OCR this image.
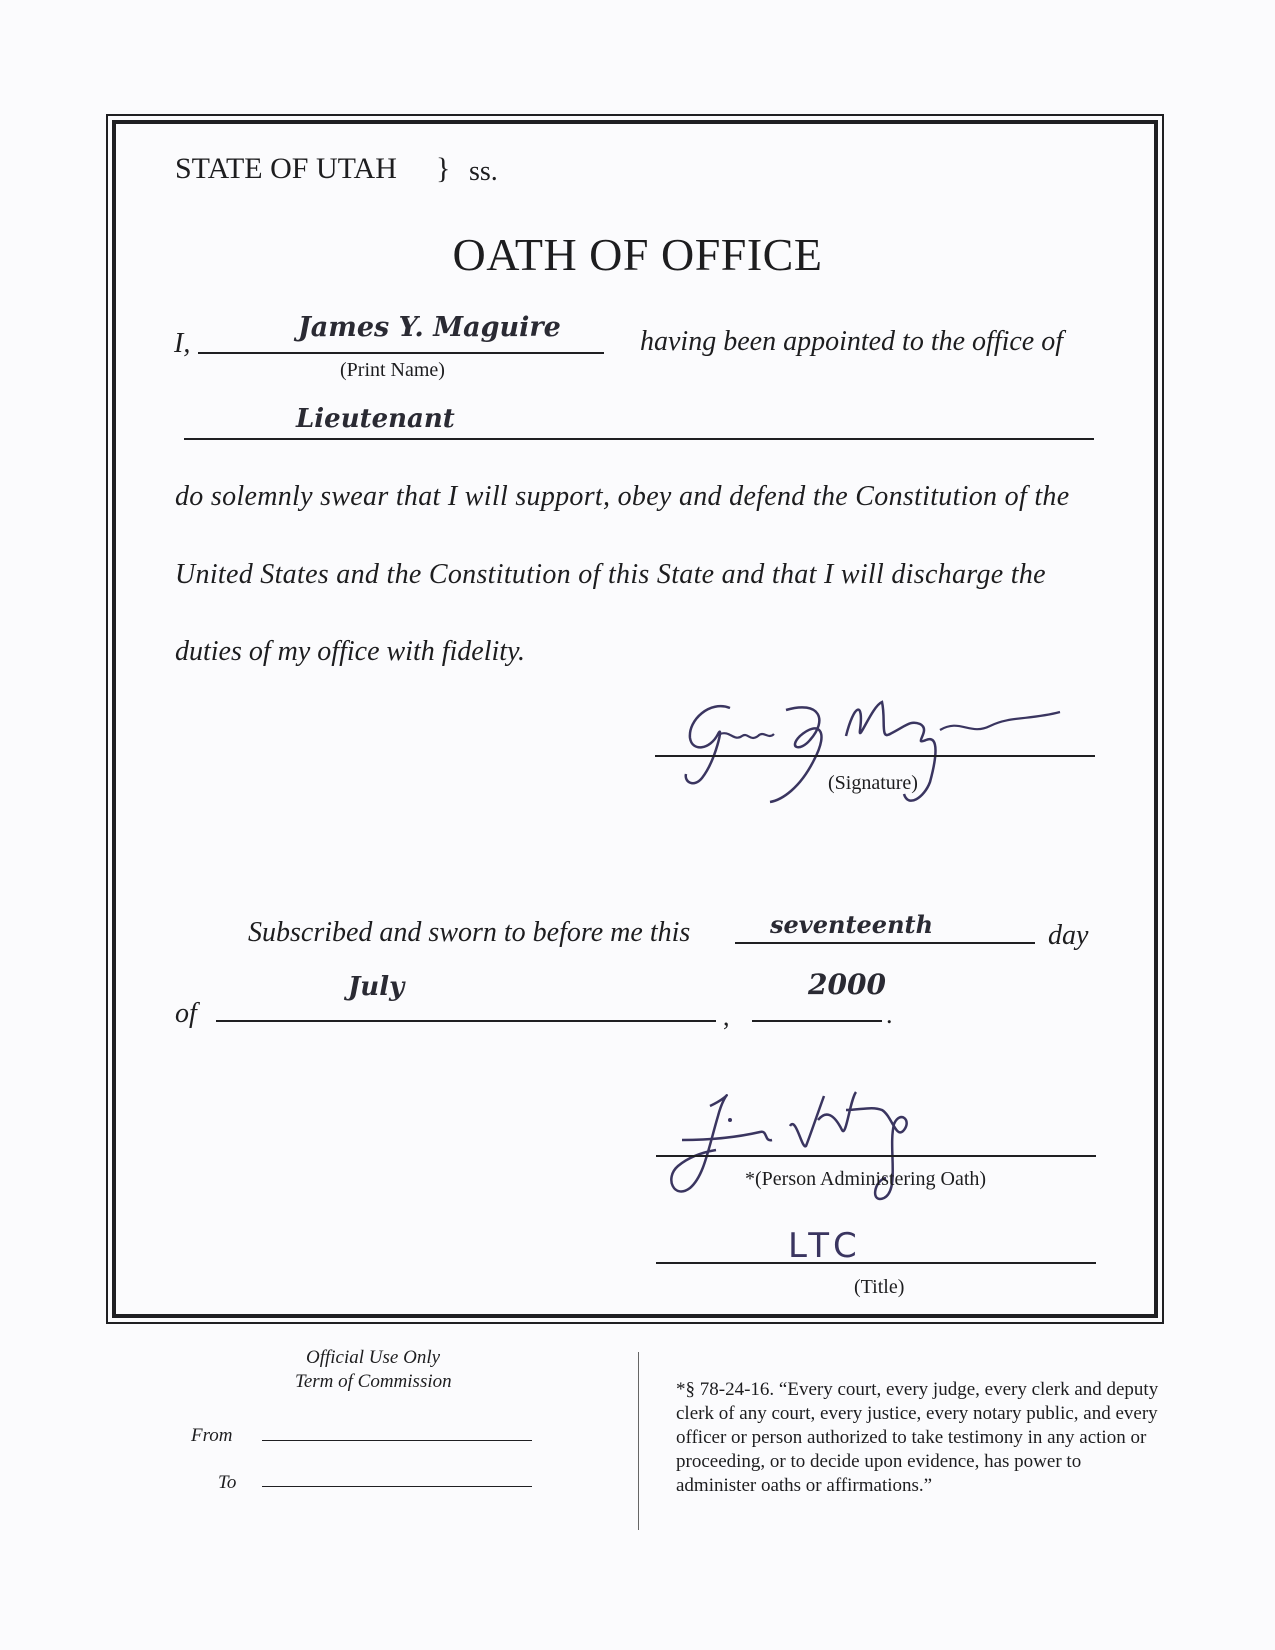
STATE OF UTAH } ss.
OATH OF OFFICE
I,
James Y. Maguire
(Print Name)
having been appointed to the office of
Lieutenant
do solemnly swear that I will support, obey and defend the Constitution of the
United States and the Constitution of this State and that I will discharge the
duties of my office with fidelity.
(Signature)
Subscribed and sworn to before me this	seventeenth	day
of
July
,
2000
.
*(Person Administering Oath)
LTC
(Title)
Official Use Only
Term of Commission
From
To
*§ 78-24-16. “Every court, every judge, every clerk and deputy clerk of any court, every justice, every notary public, and every officer or person authorized to take testimony in any action or proceeding, or to decide upon evidence, has power to administer oaths or affirmations.”
